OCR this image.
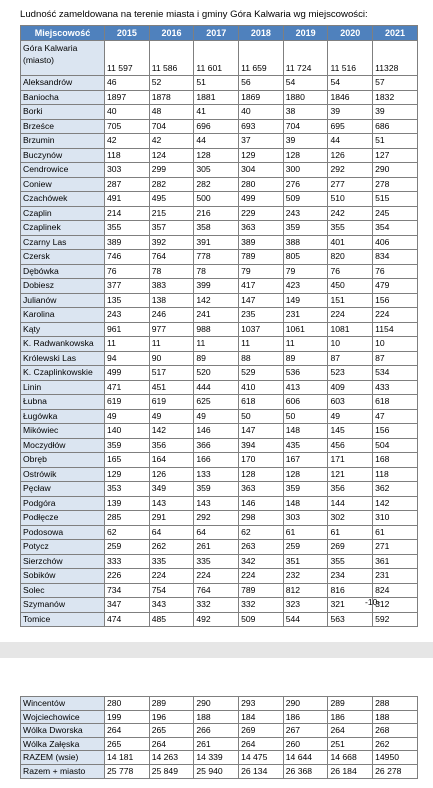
Ludność zameldowana na terenie miasta i gminy Góra Kalwaria wg miejscowości:
Miejscowość	2015	2016	2017	2018	2019	2020	2021
Góra Kalwaria
(miasto)	11 597	11 586	11 601	11 659	11 724	11 516	11328
Aleksandrów	46	52	51	56	54	54	57
Baniocha	1897	1878	1881	1869	1880	1846	1832
Borki	40	48	41	40	38	39	39
Brześce	705	704	696	693	704	695	686
Brzumin	42	42	44	37	39	44	51
Buczynów	118	124	128	129	128	126	127
Cendrowice	303	299	305	304	300	292	290
Coniew	287	282	282	280	276	277	278
Czachówek	491	495	500	499	509	510	515
Czaplin	214	215	216	229	243	242	245
Czaplinek	355	357	358	363	359	355	354
Czarny Las	389	392	391	389	388	401	406
Czersk	746	764	778	789	805	820	834
Dębówka	76	78	78	79	79	76	76
Dobiesz	377	383	399	417	423	450	479
Julianów	135	138	142	147	149	151	156
Karolina	243	246	241	235	231	224	224
Kąty	961	977	988	1037	1061	1081	1154
K. Radwankowska	11	11	11	11	11	10	10
Królewski Las	94	90	89	88	89	87	87
K. Czaplinkowskie	499	517	520	529	536	523	534
Linin	471	451	444	410	413	409	433
Łubna	619	619	625	618	606	603	618
Ługówka	49	49	49	50	50	49	47
Mikówiec	140	142	146	147	148	145	156
Moczydłów	359	356	366	394	435	456	504
Obręb	165	164	166	170	167	171	168
Ostrówik	129	126	133	128	128	121	118
Pęcław	353	349	359	363	359	356	362
Podgóra	139	143	143	146	148	144	142
Podłęcze	285	291	292	298	303	302	310
Podosowa	62	64	64	62	61	61	61
Potycz	259	262	261	263	259	269	271
Sierzchów	333	335	335	342	351	355	361
Sobików	226	224	224	224	232	234	231
Solec	734	754	764	789	812	816	824
Szymanów	347	343	332	332	323	321	312
Tomice	474	485	492	509	544	563	592
-10-
Wincentów	280	289	290	293	290	289	288
Wojciechowice	199	196	188	184	186	186	188
Wólka Dworska	264	265	266	269	267	264	268
Wólka Załęska	265	264	261	264	260	251	262
RAZEM (wsie)	14 181	14 263	14 339	14 475	14 644	14 668	14950
Razem + miasto	25 778	25 849	25 940	26 134	26 368	26 184	26 278
